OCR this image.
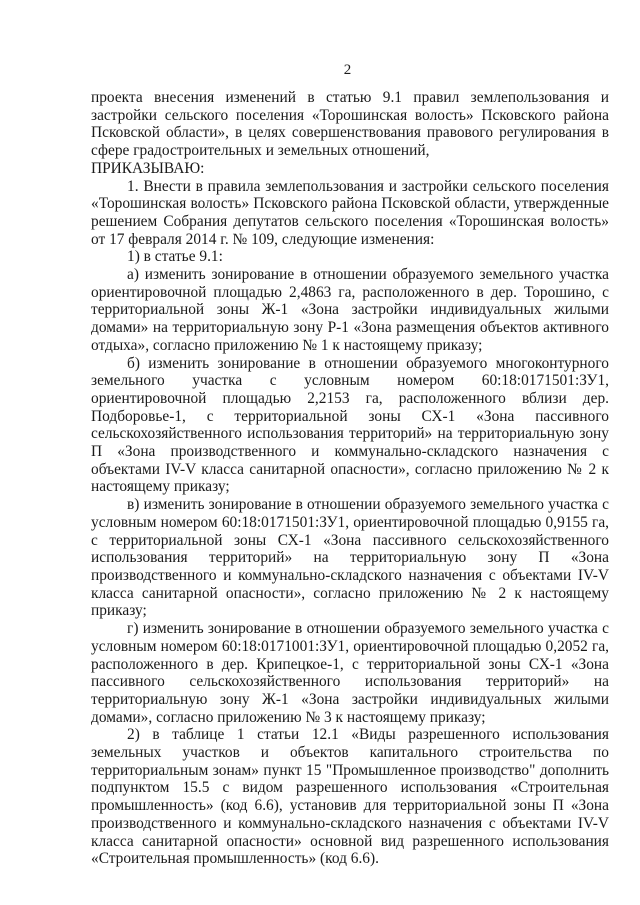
2

проекта внесения изменений в статью 9.1 правил землепользования и застройки сельского поселения «Торошинская волость» Псковского района Псковской области», в целях совершенствования правового регулирования в сфере градостроительных и земельных отношений,

ПРИКАЗЫВАЮ:

1. Внести в правила землепользования и застройки сельского поселения «Торошинская волость» Псковского района Псковской области, утвержденные решением Собрания депутатов сельского поселения «Торошинская волость» от 17 февраля 2014 г. № 109, следующие изменения:

1) в статье 9.1:

а) изменить зонирование в отношении образуемого земельного участка ориентировочной площадью 2,4863 га, расположенного в дер. Торошино, с территориальной зоны Ж-1 «Зона застройки индивидуальных жилыми домами» на территориальную зону Р-1 «Зона размещения объектов активного отдыха», согласно приложению № 1 к настоящему приказу;

б) изменить зонирование в отношении образуемого многоконтурного земельного участка с условным номером 60:18:0171501:ЗУ1, ориентировочной площадью 2,2153 га, расположенного вблизи дер. Подборовье-1, с территориальной зоны СХ-1 «Зона пассивного сельскохозяйственного использования территорий» на территориальную зону П «Зона производственного и коммунально-складского назначения с объектами IV-V класса санитарной опасности», согласно приложению № 2 к настоящему приказу;

в) изменить зонирование в отношении образуемого земельного участка с условным номером 60:18:0171501:ЗУ1, ориентировочной площадью 0,9155 га, с территориальной зоны СХ-1 «Зона пассивного сельскохозяйственного использования территорий» на территориальную зону П «Зона производственного и коммунально-складского назначения с объектами IV-V класса санитарной опасности», согласно приложению № 2 к настоящему приказу;

г) изменить зонирование в отношении образуемого земельного участка с условным номером 60:18:0171001:ЗУ1, ориентировочной площадью 0,2052 га, расположенного в дер. Крипецкое-1, с территориальной зоны СХ-1 «Зона пассивного сельскохозяйственного использования территорий» на территориальную зону Ж-1 «Зона застройки индивидуальных жилыми домами», согласно приложению № 3 к настоящему приказу;

2) в таблице 1 статьи 12.1 «Виды разрешенного использования земельных участков и объектов капитального строительства по территориальным зонам» пункт 15 "Промышленное производство" дополнить подпунктом 15.5 с видом разрешенного использования «Строительная промышленность» (код 6.6), установив для территориальной зоны П «Зона производственного и коммунально-складского назначения с объектами IV-V класса санитарной опасности» основной вид разрешенного использования «Строительная промышленность» (код 6.6).
